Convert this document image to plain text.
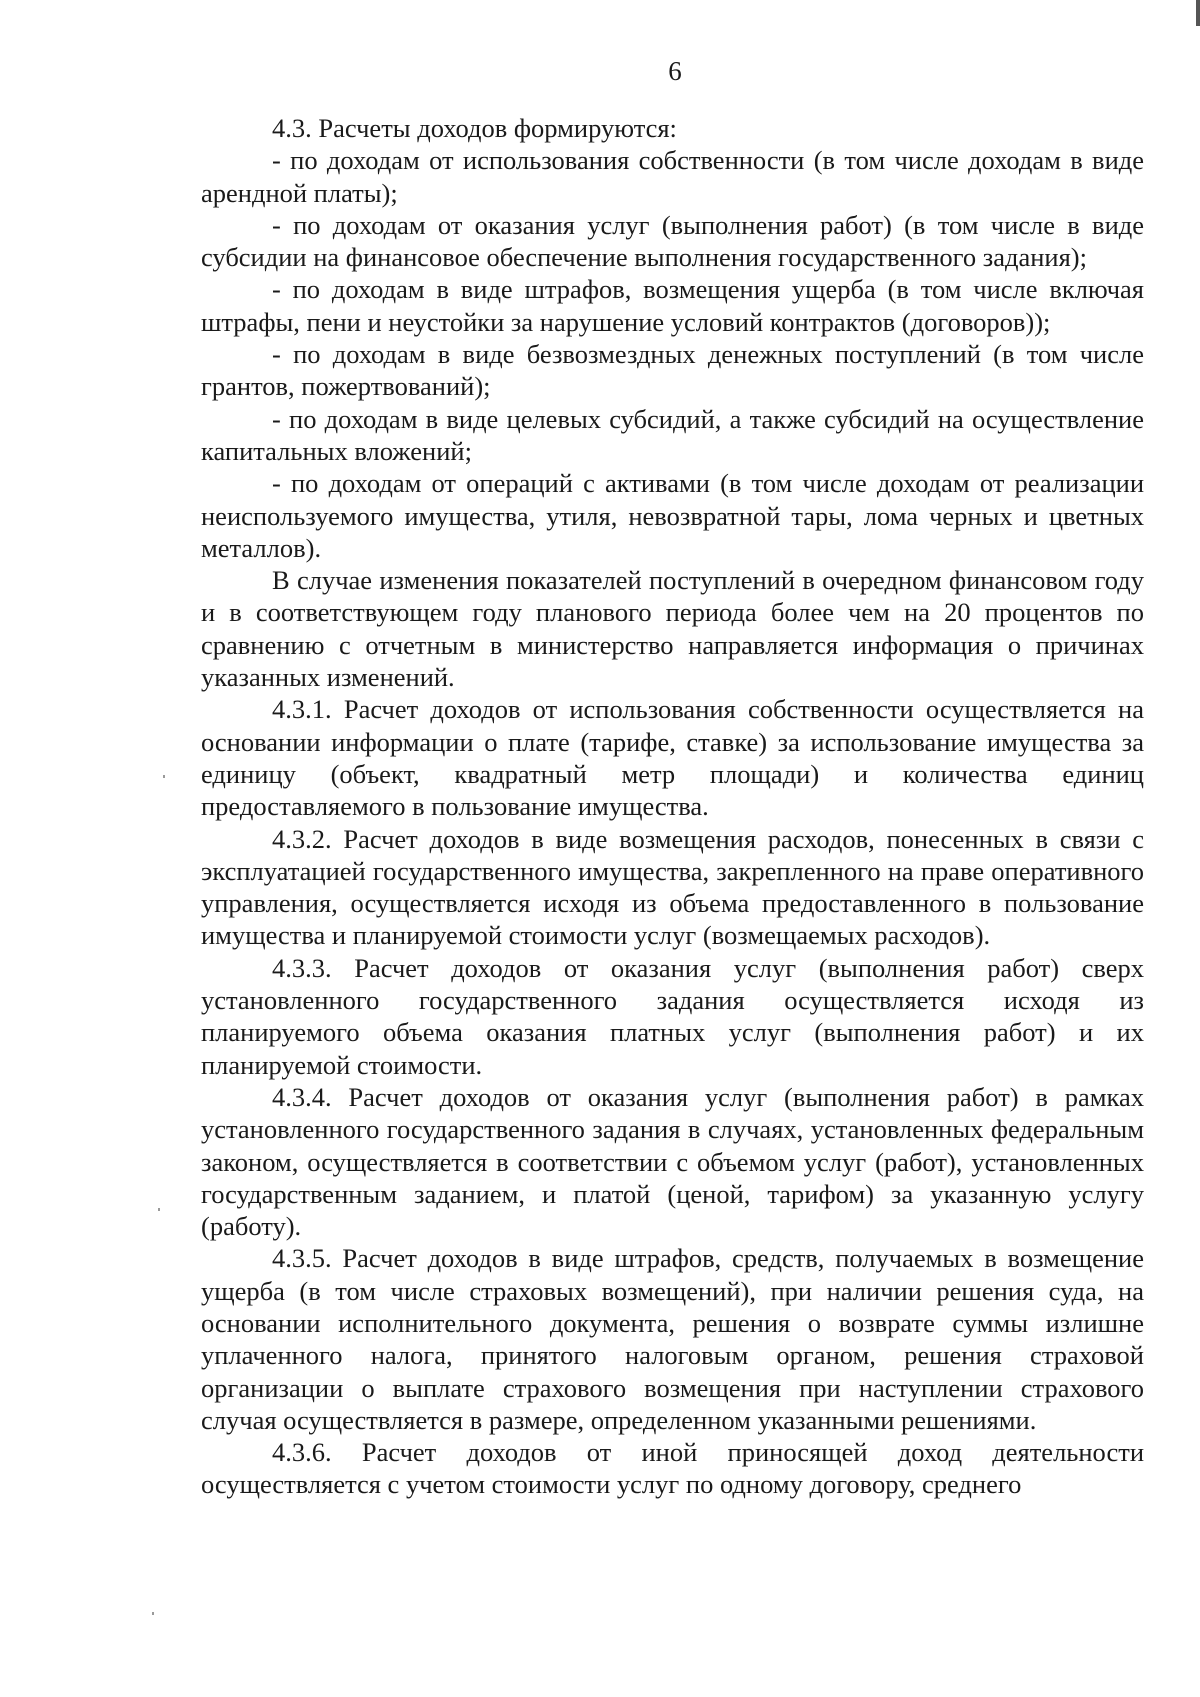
6

4.3. Расчеты доходов формируются:

- по доходам от использования собственности (в том числе доходам в виде арендной платы);

- по доходам от оказания услуг (выполнения работ) (в том числе в виде субсидии на финансовое обеспечение выполнения государственного задания);

- по доходам в виде штрафов, возмещения ущерба (в том числе включая штрафы, пени и неустойки за нарушение условий контрактов (договоров));

- по доходам в виде безвозмездных денежных поступлений (в том числе грантов, пожертвований);

- по доходам в виде целевых субсидий, а также субсидий на осуществление капитальных вложений;

- по доходам от операций с активами (в том числе доходам от реализации неиспользуемого имущества, утиля, невозвратной тары, лома черных и цветных металлов).

В случае изменения показателей поступлений в очередном финансовом году и в соответствующем году планового периода более чем на 20 процентов по сравнению с отчетным в министерство направляется информация о причинах указанных изменений.

4.3.1. Расчет доходов от использования собственности осуществляется на основании информации о плате (тарифе, ставке) за использование имущества за единицу (объект, квадратный метр площади) и количества единиц предоставляемого в пользование имущества.

4.3.2. Расчет доходов в виде возмещения расходов, понесенных в связи с эксплуатацией государственного имущества, закрепленного на праве оперативного управления, осуществляется исходя из объема предоставленного в пользование имущества и планируемой стоимости услуг (возмещаемых расходов).

4.3.3. Расчет доходов от оказания услуг (выполнения работ) сверх установленного государственного задания осуществляется исходя из планируемого объема оказания платных услуг (выполнения работ) и их планируемой стоимости.

4.3.4. Расчет доходов от оказания услуг (выполнения работ) в рамках установленного государственного задания в случаях, установленных федеральным законом, осуществляется в соответствии с объемом услуг (работ), установленных государственным заданием, и платой (ценой, тарифом) за указанную услугу (работу).

4.3.5. Расчет доходов в виде штрафов, средств, получаемых в возмещение ущерба (в том числе страховых возмещений), при наличии решения суда, на основании исполнительного документа, решения о возврате суммы излишне уплаченного налога, принятого налоговым органом, решения страховой организации о выплате страхового возмещения при наступлении страхового случая осуществляется в размере, определенном указанными решениями.

4.3.6. Расчет доходов от иной приносящей доход деятельности осуществляется с учетом стоимости услуг по одному договору, среднего
